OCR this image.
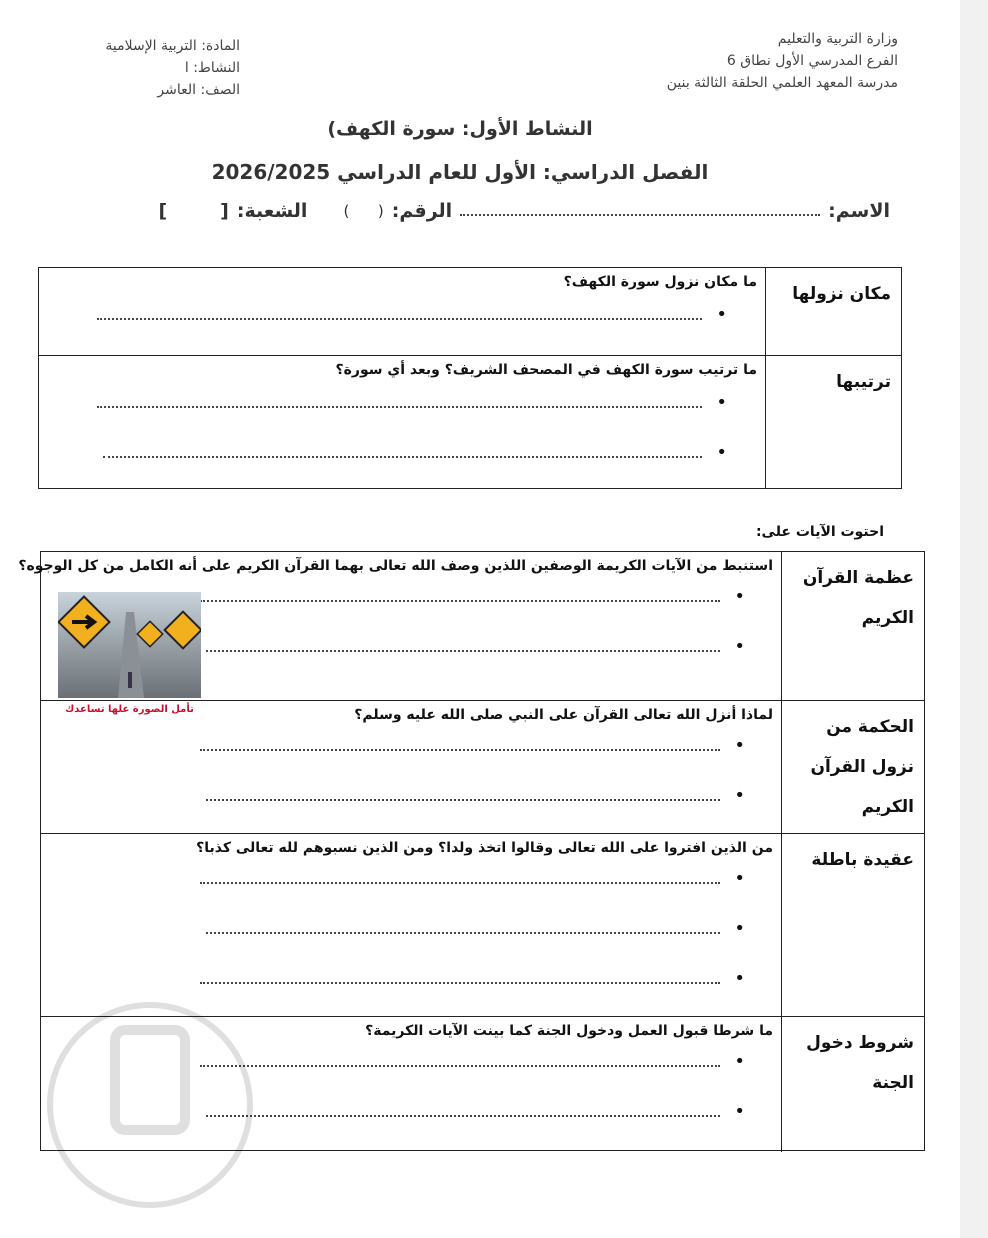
وزارة التربية والتعليم
الفرع المدرسي الأول نطاق 6
مدرسة المعهد العلمي الحلقة الثالثة بنين
المادة: التربية الإسلامية
النشاط: ا
الصف: العاشر
النشاط الأول: سورة الكهف)
الفصل الدراسي: الأول للعام الدراسي 2026/2025
الاسم:
الرقم:
(      )
الشعبة:
[        ]
مكان نزولها
ما مكان نزول سورة الكهف؟
•
ترتيبها
ما ترتيب سورة الكهف في المصحف الشريف؟ وبعد أي سورة؟
•
•
احتوت الآيات على:
عظمة القرآن الكريم
استنبط من الآيات الكريمة الوصفين اللذين وصف الله تعالى بهما القرآن الكريم على أنه الكامل من كل الوجوه؟
•
•
الحكمة من نزول القرآن الكريم
لماذا أنزل الله تعالى القرآن على النبي صلى الله عليه وسلم؟
•
•
عقيدة باطلة
من الذين افتروا على الله تعالى وقالوا اتخذ ولدا؟ ومن الذين نسبوهم لله تعالى كذبا؟
•
•
•
شروط دخول الجنة
ما شرطا قبول العمل ودخول الجنة كما بينت الآيات الكريمة؟
•
•
تأمل الصورة علها تساعدك
